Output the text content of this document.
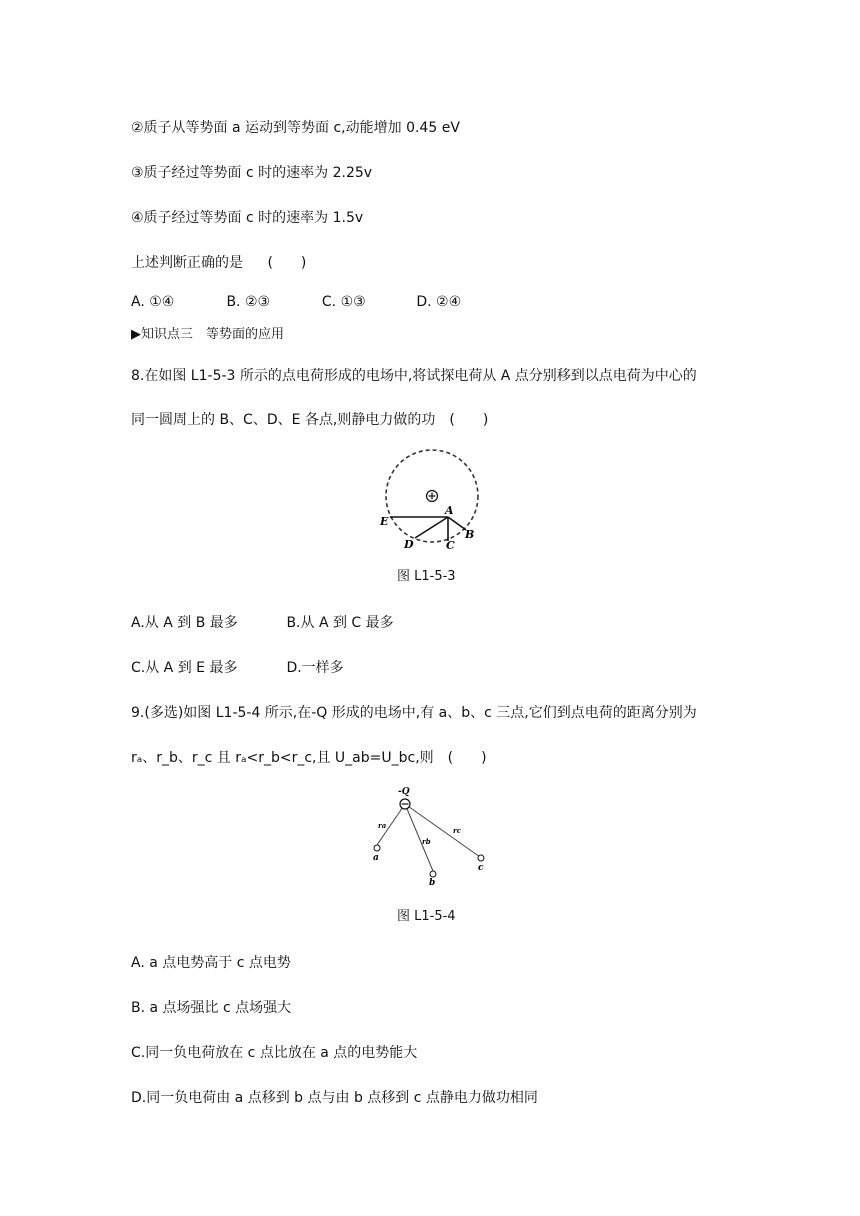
②质子从等势面 a 运动到等势面 c,动能增加 0.45 eV
③质子经过等势面 c 时的速率为 2.25v
④质子经过等势面 c 时的速率为 1.5v
上述判断正确的是 (　　)
A. ①④	B. ②③	C. ①③	D. ②④
▶知识点三　等势面的应用
8.在如图 L1-5-3 所示的点电荷形成的电场中,将试探电荷从 A 点分别移到以点电荷为中心的
同一圆周上的 B、C、D、E 各点,则静电力做的功　(　　)
E
A
B
C
D
图 L1-5-3
A.从 A 到 B 最多	B.从 A 到 C 最多
C.从 A 到 E 最多	D.一样多
9.(多选)如图 L1-5-4 所示,在-Q 形成的电场中,有 a、b、c 三点,它们到点电荷的距离分别为
rₐ、r_b、r_c 且 rₐ<r_b<r_c,且 U_ab=U_bc,则　(　　)
-Q
ra
rb
rc
a
b
c
图 L1-5-4
A. a 点电势高于 c 点电势
B. a 点场强比 c 点场强大
C.同一负电荷放在 c 点比放在 a 点的电势能大
D.同一负电荷由 a 点移到 b 点与由 b 点移到 c 点静电力做功相同
